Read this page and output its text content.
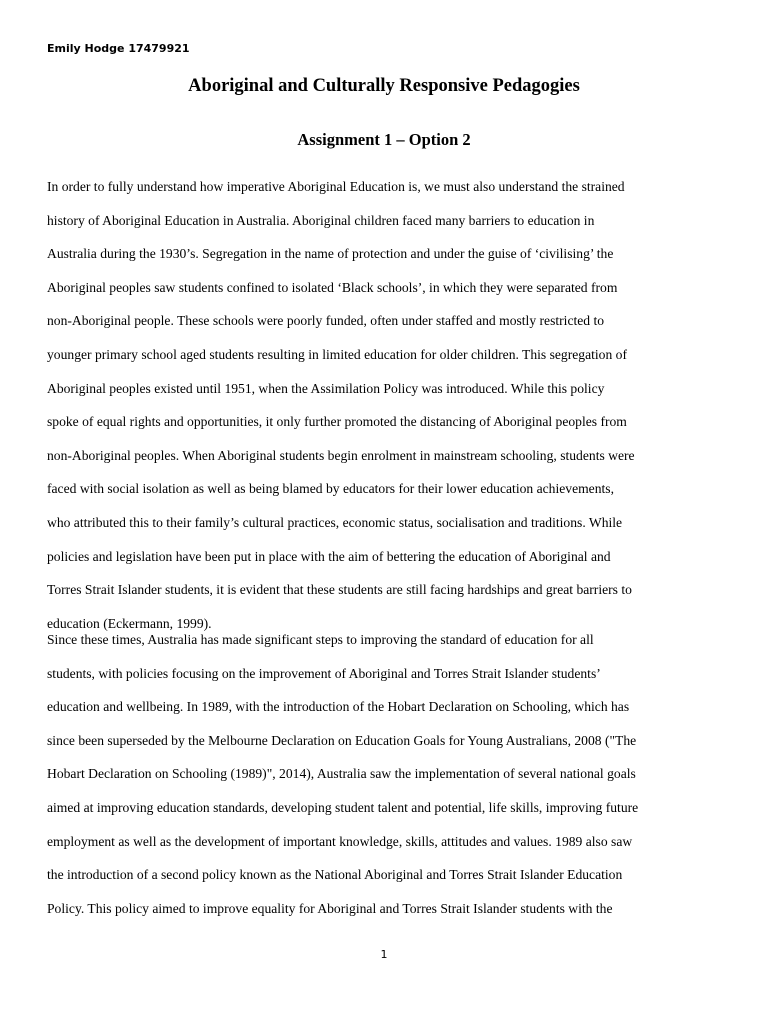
Emily Hodge 17479921
Aboriginal and Culturally Responsive Pedagogies
Assignment 1 – Option 2
In order to fully understand how imperative Aboriginal Education is, we must also understand the strained
history of Aboriginal Education in Australia. Aboriginal children faced many barriers to education in
Australia during the 1930’s. Segregation in the name of protection and under the guise of ‘civilising’ the
Aboriginal peoples saw students confined to isolated ‘Black schools’, in which they were separated from
non-Aboriginal people. These schools were poorly funded, often under staffed and mostly restricted to
younger primary school aged students resulting in limited education for older children. This segregation of
Aboriginal peoples existed until 1951, when the Assimilation Policy was introduced. While this policy
spoke of equal rights and opportunities, it only further promoted the distancing of Aboriginal peoples from
non-Aboriginal peoples. When Aboriginal students begin enrolment in mainstream schooling, students were
faced with social isolation as well as being blamed by educators for their lower education achievements,
who attributed this to their family’s cultural practices, economic status, socialisation and traditions. While
policies and legislation have been put in place with the aim of bettering the education of Aboriginal and
Torres Strait Islander students, it is evident that these students are still facing hardships and great barriers to
education (Eckermann, 1999).
Since these times, Australia has made significant steps to improving the standard of education for all
students, with policies focusing on the improvement of Aboriginal and Torres Strait Islander students’
education and wellbeing. In 1989, with the introduction of the Hobart Declaration on Schooling, which has
since been superseded by the Melbourne Declaration on Education Goals for Young Australians, 2008 ("The
Hobart Declaration on Schooling (1989)", 2014), Australia saw the implementation of several national goals
aimed at improving education standards, developing student talent and potential, life skills, improving future
employment as well as the development of important knowledge, skills, attitudes and values. 1989 also saw
the introduction of a second policy known as the National Aboriginal and Torres Strait Islander Education
Policy. This policy aimed to improve equality for Aboriginal and Torres Strait Islander students with the
1
